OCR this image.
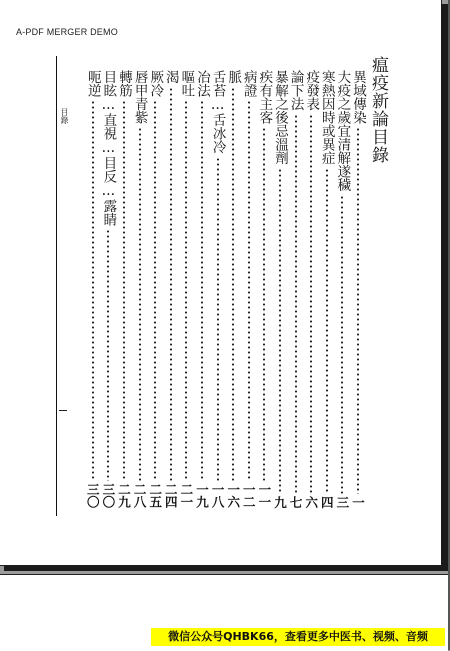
A-PDF MERGER DEMO
目錄	瘟疫新論目錄
異域傳染
一
大疫之歲宜清解遂穢
三
寒熱因時或異症
四
疫發表
六
論下法
七
暴解之後忌溫劑
九
疾有主客
一一
病證
一二
脈
一六
舌苔…舌冰冷
一八
冶法
一九
嘔吐
二一
渴
二四
厥冷
二五
唇甲青紫
二八
轉筋
二九
目眩…直視…目反…露睛
三〇
呃逆
三〇
微信公众号QHBK66，查看更多中医书、视频、音频
